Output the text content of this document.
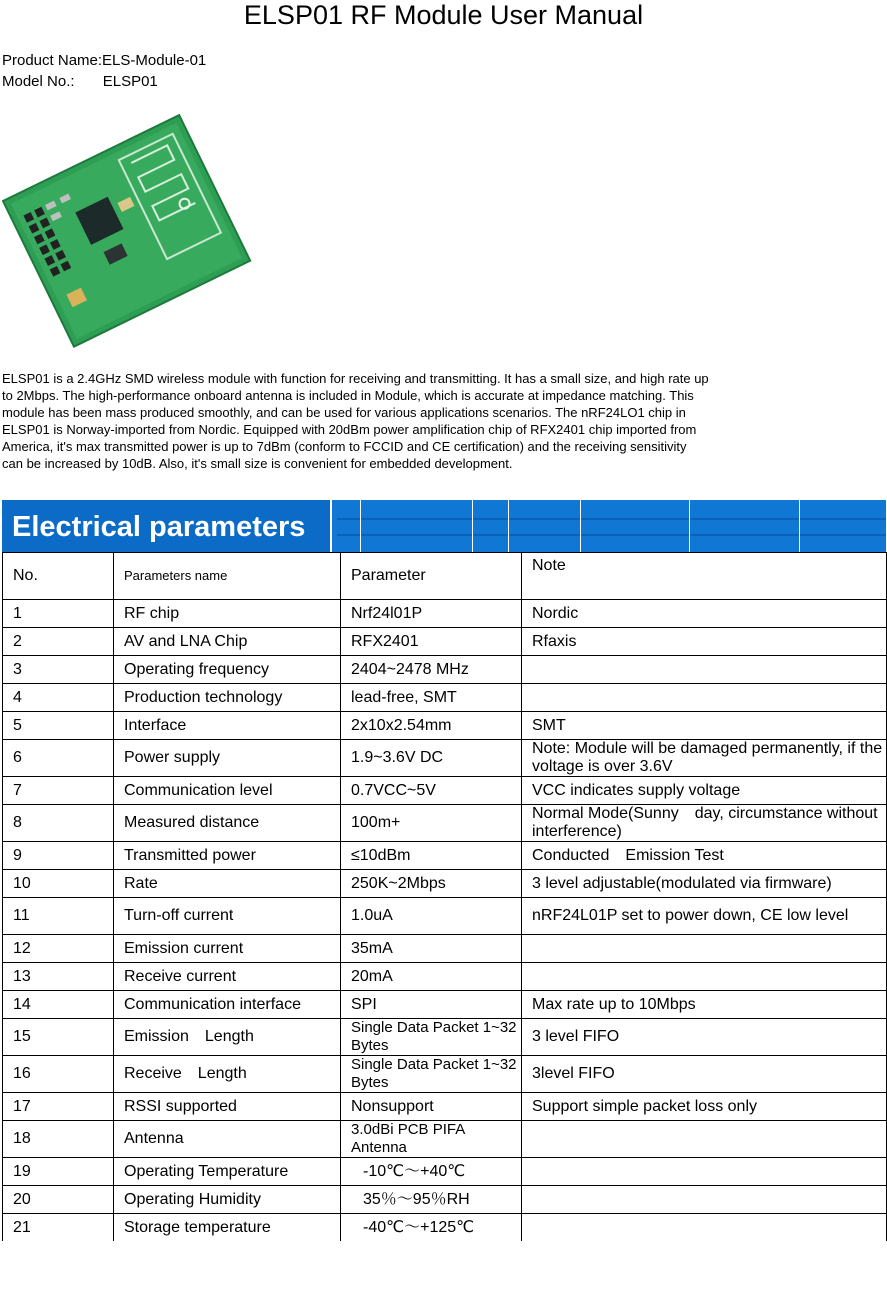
ELSP01 RF Module User Manual
Product Name:ELS-Module-01
Model No.: ELSP01

ELSP01 is a 2.4GHz SMD wireless module with function for receiving and transmitting. It has a small size, and high rate up

to 2Mbps. The high-performance onboard antenna is included in Module, which is accurate at impedance matching. This

module has been mass produced smoothly, and can be used for various applications scenarios. The nRF24LO1 chip in

ELSP01 is Norway-imported from Nordic. Equipped with 20dBm power amplification chip of RFX2401 chip imported from

America, it's max transmitted power is up to 7dBm (conform to FCCID and CE certification) and the receiving sensitivity

can be increased by 10dB. Also, it's small size is convenient for embedded development.

Electrical parameters
No.	Parameters name	Parameter	Note
1	RF chip	Nrf24l01P	Nordic
2	AV and LNA Chip	RFX2401	Rfaxis
3	Operating frequency	2404~2478 MHz	
4	Production technology	lead-free, SMT	
5	Interface	2x10x2.54mm	SMT
6	Power supply	1.9~3.6V DC	Note: Module will be damaged permanently, if the voltage is over 3.6V
7	Communication level	0.7VCC~5V	VCC indicates supply voltage
8	Measured distance	100m+	Normal Mode(Sunny　day, circumstance without interference)
9	Transmitted power	≤10dBm	Conducted　Emission Test
10	Rate	250K~2Mbps	3 level adjustable(modulated via firmware)
11	Turn-off current	1.0uA	nRF24L01P set to power down, CE low level
12	Emission current	35mA	
13	Receive current	20mA	
14	Communication interface	SPI	Max rate up to 10Mbps
15	Emission　Length	Single Data Packet 1~32 Bytes	3 level FIFO
16	Receive　Length	Single Data Packet 1~32 Bytes	3level FIFO
17	RSSI supported	Nonsupport	Support simple packet loss only
18	Antenna	3.0dBi PCB PIFA Antenna	
19	Operating Temperature	-10℃～+40℃	
20	Operating Humidity	35％～95％RH	
21	Storage temperature	-40℃～+125℃	
